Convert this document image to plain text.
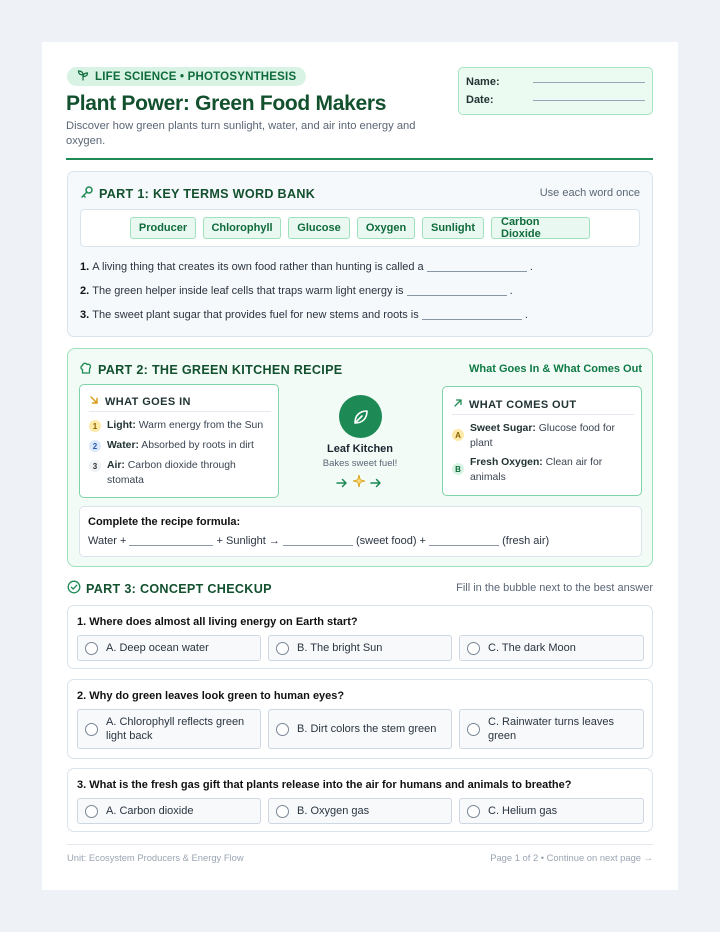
LIFE SCIENCE • PHOTOSYNTHESIS
Plant Power: Green Food Makers
Discover how green plants turn sunlight, water, and air into energy and oxygen.
Name:
Date:
PART 1: KEY TERMS WORD BANK	Use each word once
Producer	Chlorophyll	Glucose	Oxygen	Sunlight	Carbon Dioxide
1. A living thing that creates its own food rather than hunting is called a	.
2. The green helper inside leaf cells that traps warm light energy is	.
3. The sweet plant sugar that provides fuel for new stems and roots is	.
PART 2: THE GREEN KITCHEN RECIPE	What Goes In & What Comes Out
WHAT GOES IN
1 Light: Warm energy from the Sun
2 Water: Absorbed by roots in dirt
3 Air: Carbon dioxide through
stomata
Leaf Kitchen
Bakes sweet fuel!
WHAT COMES OUT
A
Sweet Sugar: Glucose food for
plant
B
Fresh Oxygen: Clean air for
animals
Complete the recipe formula:
Water +	+ Sunlight →	(sweet food) +	(fresh air)
PART 3: CONCEPT CHECKUP	Fill in the bubble next to the best answer
1. Where does almost all living energy on Earth start?
A. Deep ocean water	B. The bright Sun	C. The dark Moon
2. Why do green leaves look green to human eyes?
A. Chlorophyll reflects green light back
B. Dirt colors the stem green
C. Rainwater turns leaves green
3. What is the fresh gas gift that plants release into the air for humans and animals to breathe?
A. Carbon dioxide	B. Oxygen gas	C. Helium gas
Unit: Ecosystem Producers & Energy Flow	Page 1 of 2 • Continue on next page →
